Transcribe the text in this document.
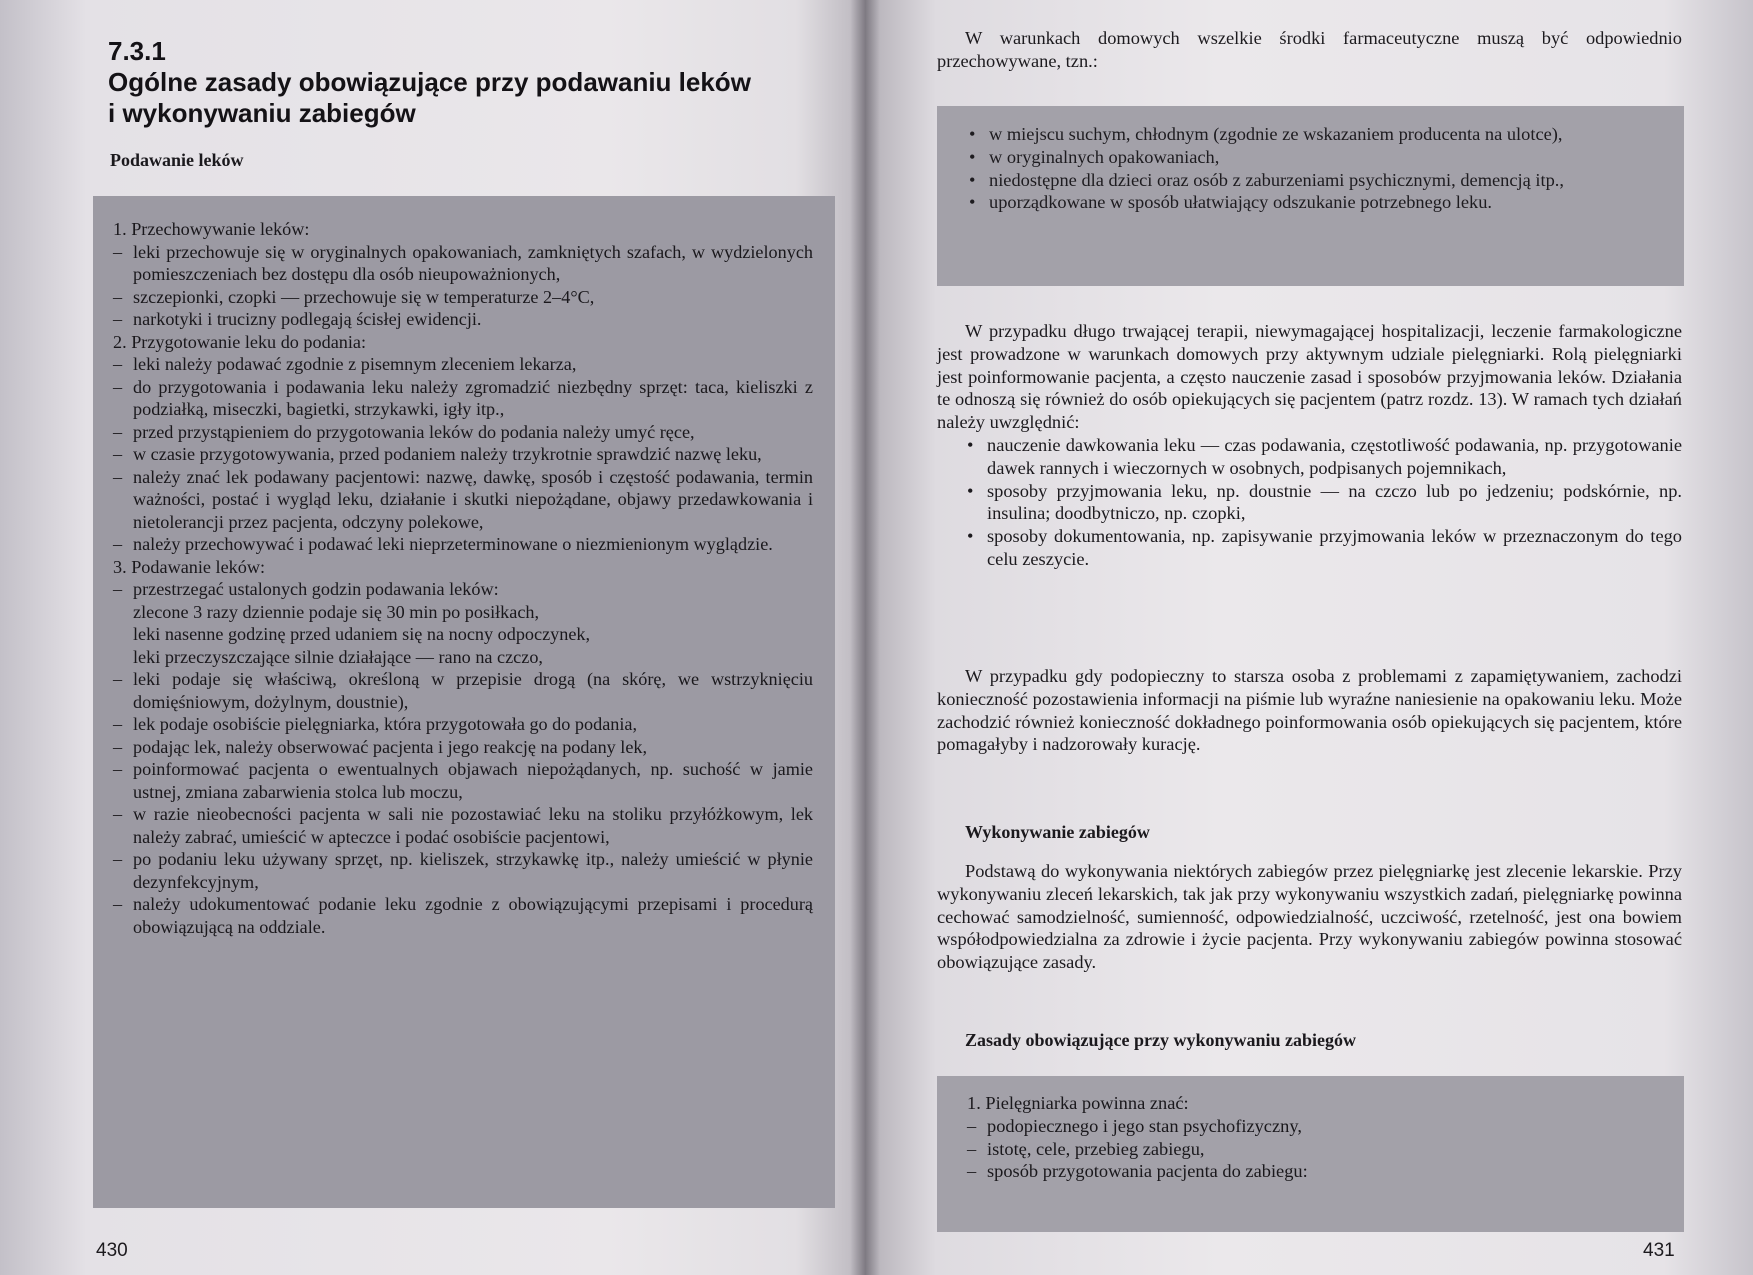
7.3.1
Ogólne zasady obowiązujące przy podawaniu leków
i wykonywaniu zabiegów
Podawanie leków
1. Przechowywanie leków:
– leki przechowuje się w oryginalnych opakowaniach, zamkniętych szafach, w wydzielonych pomieszczeniach bez dostępu dla osób nieupoważnionych,
– szczepionki, czopki — przechowuje się w temperaturze 2–4°C,
– narkotyki i trucizny podlegają ścisłej ewidencji.
2. Przygotowanie leku do podania:
– leki należy podawać zgodnie z pisemnym zleceniem lekarza,
– do przygotowania i podawania leku należy zgromadzić niezbędny sprzęt: taca, kieliszki z podziałką, miseczki, bagietki, strzykawki, igły itp.,
– przed przystąpieniem do przygotowania leków do podania należy umyć ręce,
– w czasie przygotowywania, przed podaniem należy trzykrotnie sprawdzić nazwę leku,
– należy znać lek podawany pacjentowi: nazwę, dawkę, sposób i częstość podawania, termin ważności, postać i wygląd leku, działanie i skutki niepożądane, objawy przedawkowania i nietolerancji przez pacjenta, odczyny polekowe,
– należy przechowywać i podawać leki nieprzeterminowane o niezmienionym wyglądzie.
3. Podawanie leków:
– przestrzegać ustalonych godzin podawania leków:
zlecone 3 razy dziennie podaje się 30 min po posiłkach,
leki nasenne godzinę przed udaniem się na nocny odpoczynek,
leki przeczyszczające silnie działające — rano na czczo,
– leki podaje się właściwą, określoną w przepisie drogą (na skórę, we wstrzyknięciu domięśniowym, dożylnym, doustnie),
– lek podaje osobiście pielęgniarka, która przygotowała go do podania,
– podając lek, należy obserwować pacjenta i jego reakcję na podany lek,
– poinformować pacjenta o ewentualnych objawach niepożądanych, np. suchość w jamie ustnej, zmiana zabarwienia stolca lub moczu,
– w razie nieobecności pacjenta w sali nie pozostawiać leku na stoliku przyłóżkowym, lek należy zabrać, umieścić w apteczce i podać osobiście pacjentowi,
– po podaniu leku używany sprzęt, np. kieliszek, strzykawkę itp., należy umieścić w płynie dezynfekcyjnym,
– należy udokumentować podanie leku zgodnie z obowiązującymi przepisami i procedurą obowiązującą na oddziale.
430
W warunkach domowych wszelkie środki farmaceutyczne muszą być odpowiednio przechowywane, tzn.:
• w miejscu suchym, chłodnym (zgodnie ze wskazaniem producenta na ulotce),
• w oryginalnych opakowaniach,
• niedostępne dla dzieci oraz osób z zaburzeniami psychicznymi, demencją itp.,
• uporządkowane w sposób ułatwiający odszukanie potrzebnego leku.
W przypadku długo trwającej terapii, niewymagającej hospitalizacji, leczenie farmakologiczne jest prowadzone w warunkach domowych przy aktywnym udziale pielęgniarki. Rolą pielęgniarki jest poinformowanie pacjenta, a często nauczenie zasad i sposobów przyjmowania leków. Działania te odnoszą się również do osób opiekujących się pacjentem (patrz rozdz. 13). W ramach tych działań należy uwzględnić:
• nauczenie dawkowania leku — czas podawania, częstotliwość podawania, np. przygotowanie dawek rannych i wieczornych w osobnych, podpisanych pojemnikach,
• sposoby przyjmowania leku, np. doustnie — na czczo lub po jedzeniu; podskórnie, np. insulina; doodbytniczo, np. czopki,
• sposoby dokumentowania, np. zapisywanie przyjmowania leków w przeznaczonym do tego celu zeszycie.
W przypadku gdy podopieczny to starsza osoba z problemami z zapamiętywaniem, zachodzi konieczność pozostawienia informacji na piśmie lub wyraźne naniesienie na opakowaniu leku. Może zachodzić również konieczność dokładnego poinformowania osób opiekujących się pacjentem, które pomagałyby i nadzorowały kurację.
Wykonywanie zabiegów
Podstawą do wykonywania niektórych zabiegów przez pielęgniarkę jest zlecenie lekarskie. Przy wykonywaniu zleceń lekarskich, tak jak przy wykonywaniu wszystkich zadań, pielęgniarkę powinna cechować samodzielność, sumienność, odpowiedzialność, uczciwość, rzetelność, jest ona bowiem współodpowiedzialna za zdrowie i życie pacjenta. Przy wykonywaniu zabiegów powinna stosować obowiązujące zasady.
Zasady obowiązujące przy wykonywaniu zabiegów
1. Pielęgniarka powinna znać:
– podopiecznego i jego stan psychofizyczny,
– istotę, cele, przebieg zabiegu,
– sposób przygotowania pacjenta do zabiegu:
431
